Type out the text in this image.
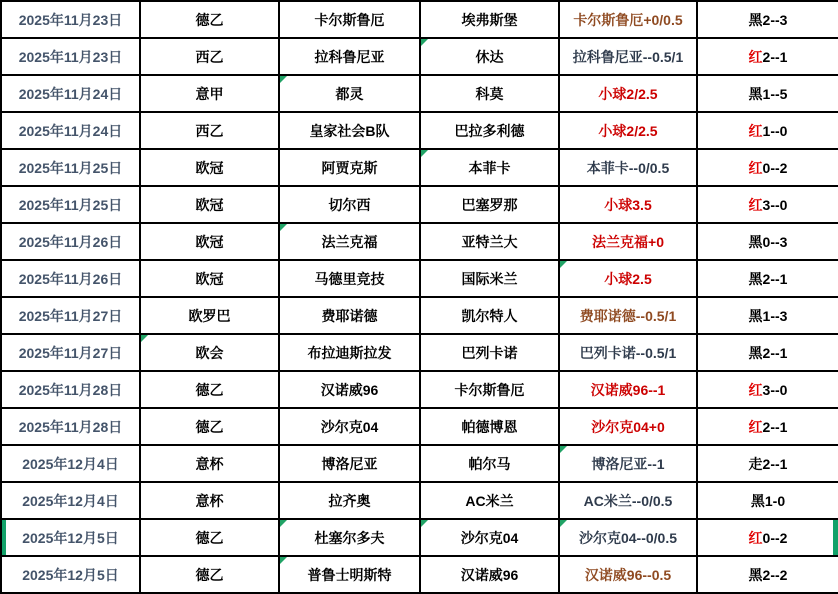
2025年11月23日	德乙	卡尔斯鲁厄	埃弗斯堡	卡尔斯鲁厄+0/0.5	黑2--3
2025年11月23日	西乙	拉科鲁尼亚	休达	拉科鲁尼亚--0.5/1	红2--1
2025年11月24日	意甲	都灵	科莫	小球2/2.5	黑1--5
2025年11月24日	西乙	皇家社会B队	巴拉多利德	小球2/2.5	红1--0
2025年11月25日	欧冠	阿贾克斯	本菲卡	本菲卡--0/0.5	红0--2
2025年11月25日	欧冠	切尔西	巴塞罗那	小球3.5	红3--0
2025年11月26日	欧冠	法兰克福	亚特兰大	法兰克福+0	黑0--3
2025年11月26日	欧冠	马德里竞技	国际米兰	小球2.5	黑2--1
2025年11月27日	欧罗巴	费耶诺德	凯尔特人	费耶诺德--0.5/1	黑1--3
2025年11月27日	欧会	布拉迪斯拉发	巴列卡诺	巴列卡诺--0.5/1	黑2--1
2025年11月28日	德乙	汉诺威96	卡尔斯鲁厄	汉诺威96--1	红3--0
2025年11月28日	德乙	沙尔克04	帕德博恩	沙尔克04+0	红2--1
2025年12月4日	意杯	博洛尼亚	帕尔马	博洛尼亚--1	走2--1
2025年12月4日	意杯	拉齐奥	AC米兰	AC米兰--0/0.5	黑1-0
2025年12月5日	德乙	杜塞尔多夫	沙尔克04	沙尔克04--0/0.5	红0--2
2025年12月5日	德乙	普鲁士明斯特	汉诺威96	汉诺威96--0.5	黑2--2
